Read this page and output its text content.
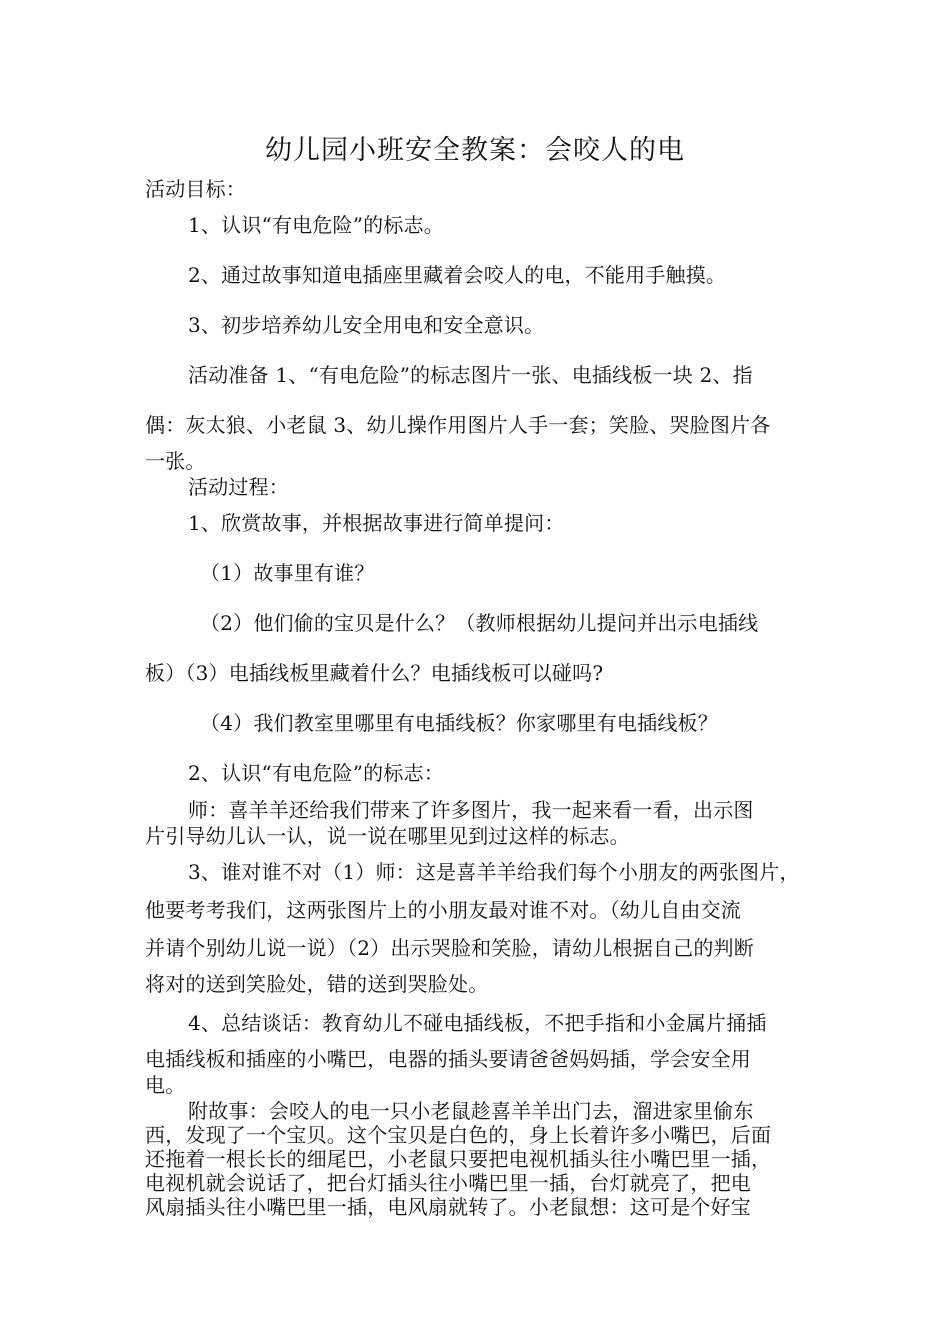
幼儿园小班安全教案：会咬人的电
活动目标：
1、认识“有电危险”的标志。
2、通过故事知道电插座里藏着会咬人的电，不能用手触摸。
3、初步培养幼儿安全用电和安全意识。
活动准备 1、“有电危险”的标志图片一张、电插线板一块 2、指
偶：灰太狼、小老鼠 3、幼儿操作用图片人手一套；笑脸、哭脸图片各
一张。
活动过程：
1、欣赏故事，并根据故事进行简单提问：
（1）故事里有谁？
（2）他们偷的宝贝是什么？（教师根据幼儿提问并出示电插线
板）（3）电插线板里藏着什么？电插线板可以碰吗?
（4）我们教室里哪里有电插线板？你家哪里有电插线板？
2、认识“有电危险”的标志：
师：喜羊羊还给我们带来了许多图片，我一起来看一看，出示图
片引导幼儿认一认，说一说在哪里见到过这样的标志。
3、谁对谁不对（1）师：这是喜羊羊给我们每个小朋友的两张图片，
他要考考我们，这两张图片上的小朋友最对谁不对。（幼儿自由交流
并请个别幼儿说一说）（2）出示哭脸和笑脸，请幼儿根据自己的判断
将对的送到笑脸处，错的送到哭脸处。
4、总结谈话：教育幼儿不碰电插线板，不把手指和小金属片捅插
电插线板和插座的小嘴巴，电器的插头要请爸爸妈妈插，学会安全用
电。
附故事：会咬人的电一只小老鼠趁喜羊羊出门去，溜进家里偷东
西，发现了一个宝贝。这个宝贝是白色的，身上长着许多小嘴巴，后面
还拖着一根长长的细尾巴，小老鼠只要把电视机插头往小嘴巴里一插，
电视机就会说话了，把台灯插头往小嘴巴里一插，台灯就亮了，把电
风扇插头往小嘴巴里一插，电风扇就转了。小老鼠想：这可是个好宝
